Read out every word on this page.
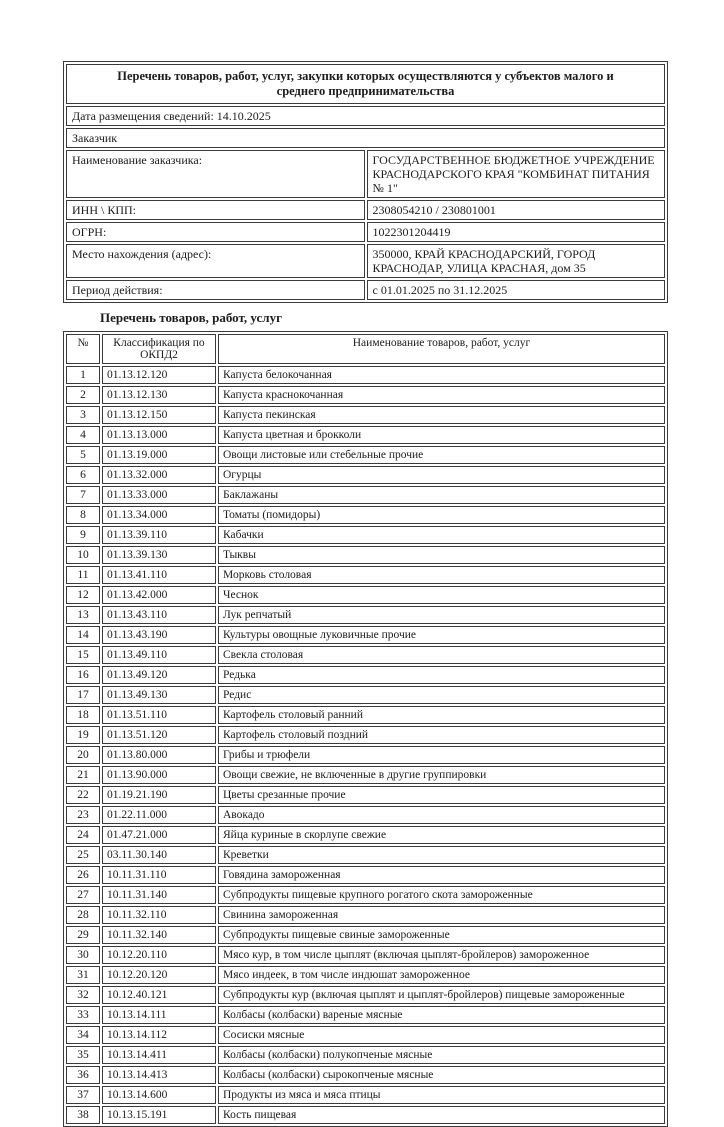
Перечень товаров, работ, услуг, закупки которых осуществляются у субъектов малого и среднего предпринимательства	
Дата размещения сведений: 14.10.2025	
Заказчик	
Наименование заказчика:	ГОСУДАРСТВЕННОЕ БЮДЖЕТНОЕ УЧРЕЖДЕНИЕ КРАСНОДАРСКОГО КРАЯ "КОМБИНАТ ПИТАНИЯ № 1"
ИНН \ КПП:	2308054210 / 230801001
ОГРН:	1022301204419
Место нахождения (адрес):	350000, КРАЙ КРАСНОДАРСКИЙ, ГОРОД КРАСНОДАР, УЛИЦА КРАСНАЯ, дом 35
Период действия:	с 01.01.2025 по 31.12.2025
Перечень товаров, работ, услуг
№	Классификация по ОКПД2	Наименование товаров, работ, услуг
1	01.13.12.120	Капуста белокочанная
2	01.13.12.130	Капуста краснокочанная
3	01.13.12.150	Капуста пекинская
4	01.13.13.000	Капуста цветная и брокколи
5	01.13.19.000	Овощи листовые или стебельные прочие
6	01.13.32.000	Огурцы
7	01.13.33.000	Баклажаны
8	01.13.34.000	Томаты (помидоры)
9	01.13.39.110	Кабачки
10	01.13.39.130	Тыквы
11	01.13.41.110	Морковь столовая
12	01.13.42.000	Чеснок
13	01.13.43.110	Лук репчатый
14	01.13.43.190	Культуры овощные луковичные прочие
15	01.13.49.110	Свекла столовая
16	01.13.49.120	Редька
17	01.13.49.130	Редис
18	01.13.51.110	Картофель столовый ранний
19	01.13.51.120	Картофель столовый поздний
20	01.13.80.000	Грибы и трюфели
21	01.13.90.000	Овощи свежие, не включенные в другие группировки
22	01.19.21.190	Цветы срезанные прочие
23	01.22.11.000	Авокадо
24	01.47.21.000	Яйца куриные в скорлупе свежие
25	03.11.30.140	Креветки
26	10.11.31.110	Говядина замороженная
27	10.11.31.140	Субпродукты пищевые крупного рогатого скота замороженные
28	10.11.32.110	Свинина замороженная
29	10.11.32.140	Субпродукты пищевые свиные замороженные
30	10.12.20.110	Мясо кур, в том числе цыплят (включая цыплят-бройлеров) замороженное
31	10.12.20.120	Мясо индеек, в том числе индюшат замороженное
32	10.12.40.121	Субпродукты кур (включая цыплят и цыплят-бройлеров) пищевые замороженные
33	10.13.14.111	Колбасы (колбаски) вареные мясные
34	10.13.14.112	Сосиски мясные
35	10.13.14.411	Колбасы (колбаски) полукопченые мясные
36	10.13.14.413	Колбасы (колбаски) сырокопченые мясные
37	10.13.14.600	Продукты из мяса и мяса птицы
38	10.13.15.191	Кость пищевая
